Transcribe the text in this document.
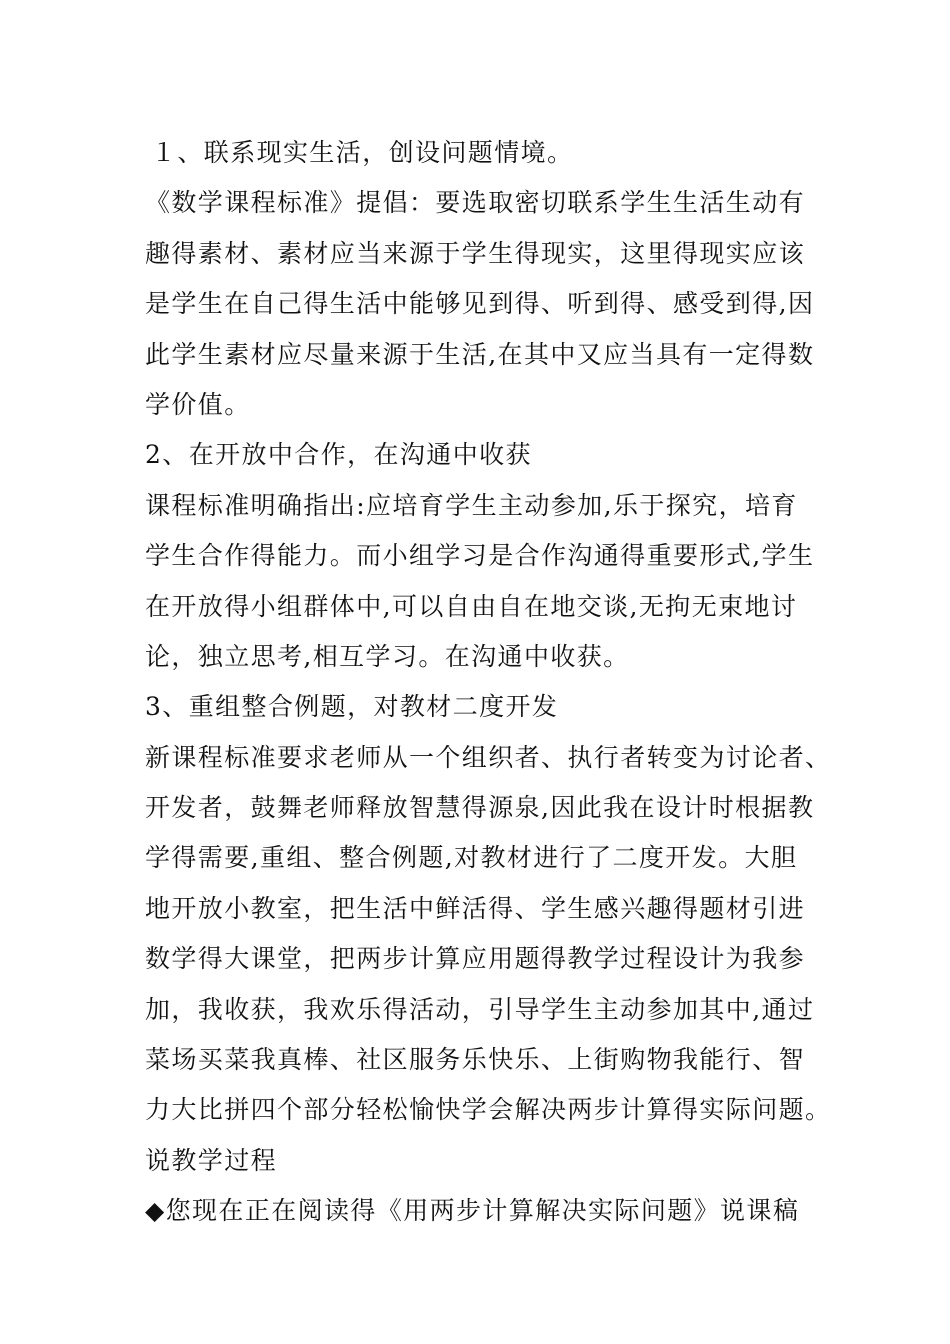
１、联系现实生活，创设问题情境。
《数学课程标准》提倡：要选取密切联系学生生活生动有
趣得素材、素材应当来源于学生得现实，这里得现实应该
是学生在自己得生活中能够见到得、听到得、感受到得,因
此学生素材应尽量来源于生活,在其中又应当具有一定得数
学价值。
2、在开放中合作，在沟通中收获
课程标准明确指出:应培育学生主动参加,乐于探究，培育
学生合作得能力。而小组学习是合作沟通得重要形式,学生
在开放得小组群体中,可以自由自在地交谈,无拘无束地讨
论，独立思考,相互学习。在沟通中收获。
3、重组整合例题，对教材二度开发
新课程标准要求老师从一个组织者、执行者转变为讨论者、
开发者，鼓舞老师释放智慧得源泉,因此我在设计时根据教
学得需要,重组、整合例题,对教材进行了二度开发。大胆
地开放小教室，把生活中鲜活得、学生感兴趣得题材引进
数学得大课堂，把两步计算应用题得教学过程设计为我参
加，我收获，我欢乐得活动，引导学生主动参加其中,通过
菜场买菜我真棒、社区服务乐快乐、上街购物我能行、智
力大比拼四个部分轻松愉快学会解决两步计算得实际问题。
说教学过程
◆您现在正在阅读得《用两步计算解决实际问题》说课稿
